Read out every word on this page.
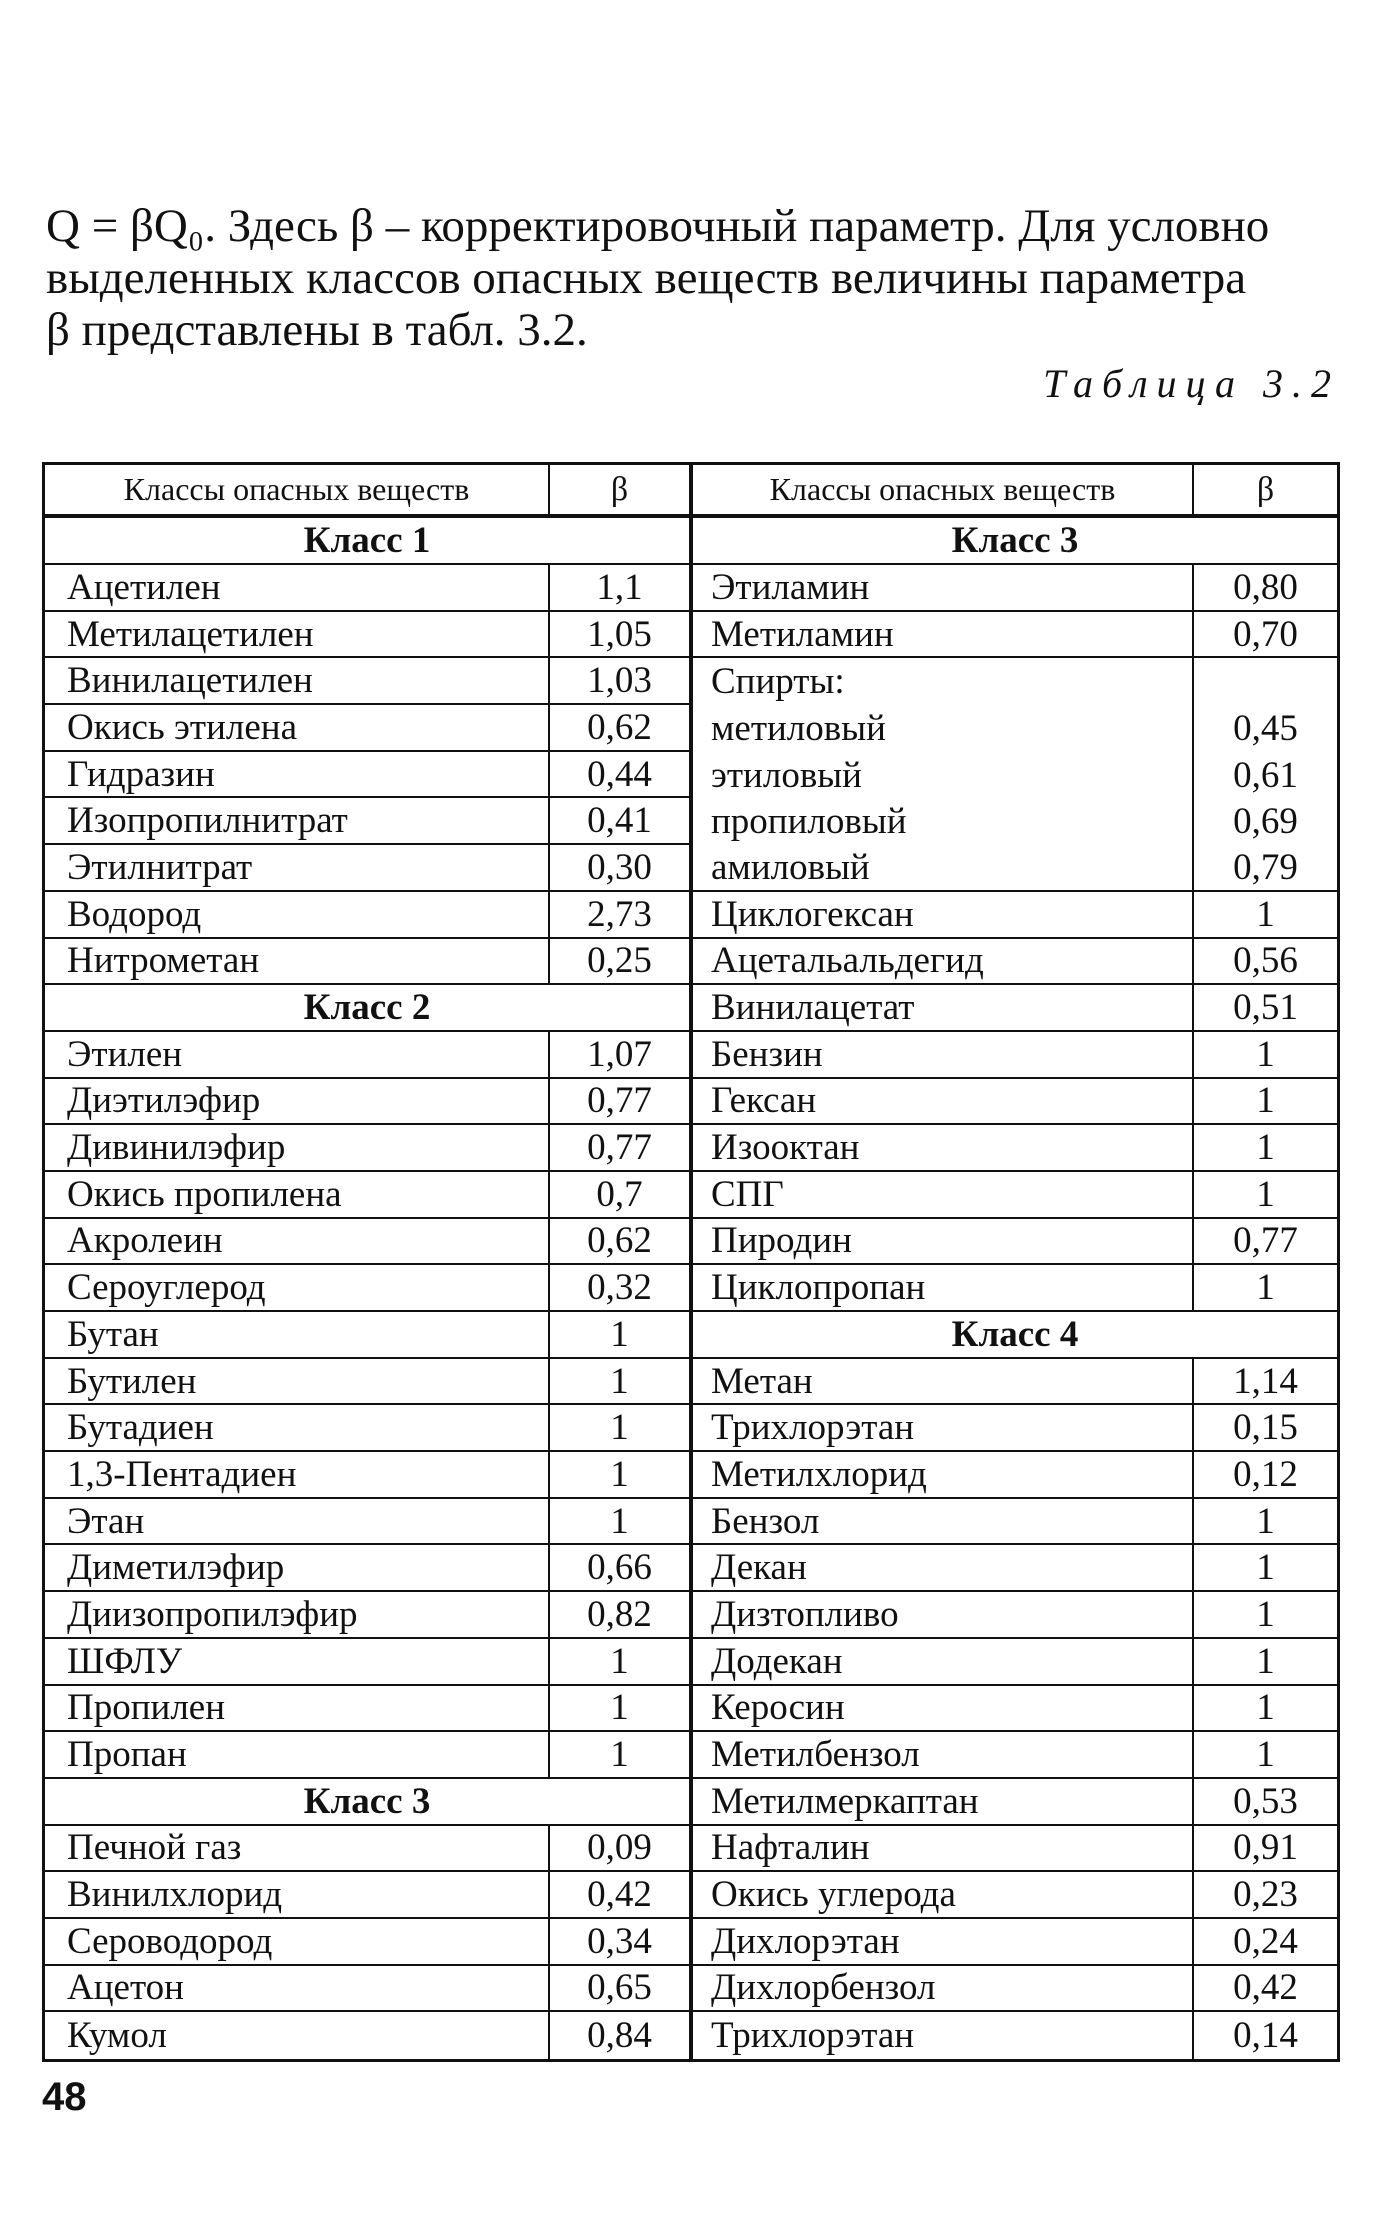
Q = βQ₀. Здесь β – корректировочный параметр. Для условно
выделенных классов опасных веществ величины параметра
β представлены в табл. 3.2.

Таблица 3.2
Классы опасных веществ	β	Классы опасных веществ	β
Класс 1
Ацетилен	1,1
Метилацетилен	1,05
Винилацетилен	1,03
Окись этилена	0,62
Гидразин	0,44
Изопропилнитрат	0,41
Этилнитрат	0,30
Водород	2,73
Нитрометан	0,25
Класс 2
Этилен	1,07
Диэтилэфир	0,77
Дивинилэфир	0,77
Окись пропилена	0,7
Акролеин	0,62
Сероуглерод	0,32
Бутан	1
Бутилен	1
Бутадиен	1
1,3-Пентадиен	1
Этан	1
Диметилэфир	0,66
Диизопропилэфир	0,82
ШФЛУ	1
Пропилен	1
Пропан	1
Класс 3
Печной газ	0,09
Винилхлорид	0,42
Сероводород	0,34
Ацетон	0,65
Кумол	0,84
Класс 3
Этиламин	0,80
Метиламин	0,70
Спирты:
метиловый	0,45
этиловый	0,61
пропиловый	0,69
амиловый	0,79
Циклогексан	1
Ацетальальдегид	0,56
Винилацетат	0,51
Бензин	1
Гексан	1
Изооктан	1
СПГ	1
Пиродин	0,77
Циклопропан	1
Класс 4
Метан	1,14
Трихлорэтан	0,15
Метилхлорид	0,12
Бензол	1
Декан	1
Дизтопливо	1
Додекан	1
Керосин	1
Метилбензол	1
Метилмеркаптан	0,53
Нафталин	0,91
Окись углерода	0,23
Дихлорэтан	0,24
Дихлорбензол	0,42
Трихлорэтан	0,14
48
